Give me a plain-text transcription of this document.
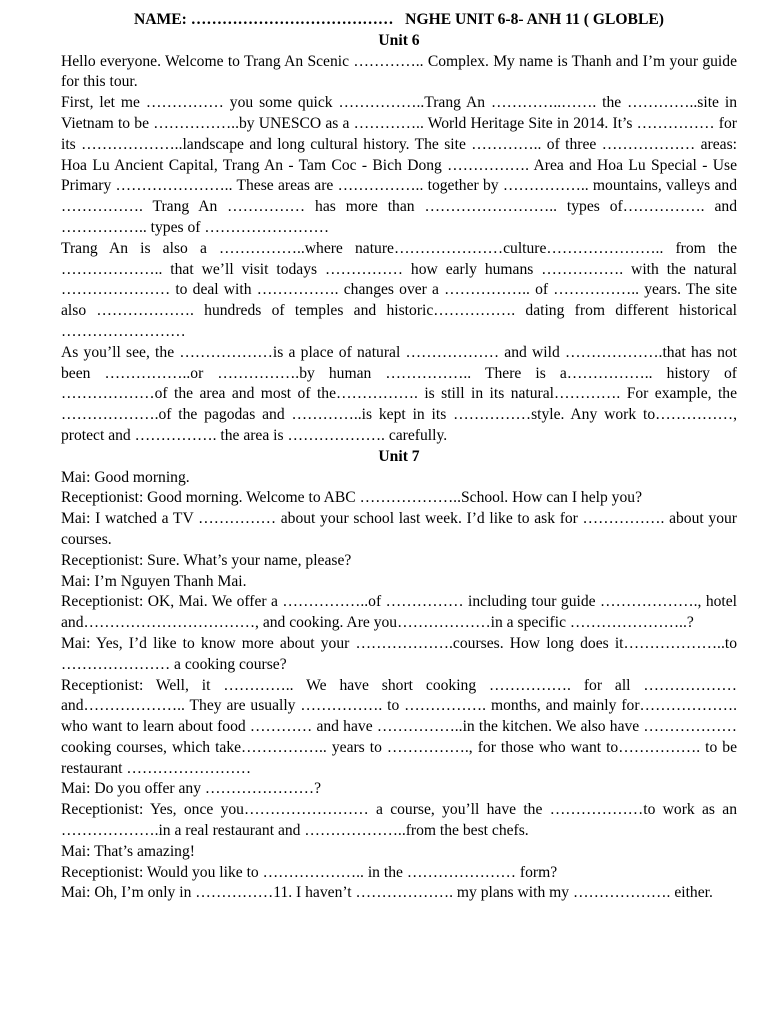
NAME: …………………………………   NGHE UNIT 6-8- ANH 11 ( GLOBLE)
Unit 6

Hello everyone. Welcome to Trang An Scenic ………….. Complex. My name is Thanh and I’m your guide for this tour.

First, let me …………… you some quick ……………..Trang An …………..……. the …………..site in Vietnam to be ……………..by UNESCO as a ………….. World Heritage Site in 2014. It’s …………… for its ………………..landscape and long cultural history. The site ………….. of three ……………… areas: Hoa Lu Ancient Capital, Trang An - Tam Coc - Bich Dong ……………. Area and Hoa Lu Special - Use Primary ………………….. These areas are …………….. together by …………….. mountains, valleys and ……………. Trang An …………… has more than …………………….. types of……………. and …………….. types of ……………………

Trang An is also a ……………..where nature…………………culture………………….. from the ……………….. that we’ll visit todays …………… how early humans ……………. with the natural ………………… to deal with ……………. changes over a …………….. of …………….. years. The site also ………………. hundreds of temples and historic……………. dating from different historical ……………………

As you’ll see, the ………………is a place of natural ……………… and wild ……………….that has not been ……………..or …………….by human …………….. There is a…………….. history of ………………of the area and most of the……………. is still in its natural…………. For example, the ……………….of the pagodas and …………..is kept in its ……………style. Any work to……………, protect and ……………. the area is ………………. carefully.

Unit 7

Mai: Good morning.

Receptionist: Good morning. Welcome to ABC ………………..School. How can I help you?

Mai: I watched a TV …………… about your school last week. I’d like to ask for ……………. about your courses.

Receptionist: Sure. What’s your name, please?

Mai: I’m Nguyen Thanh Mai.

Receptionist: OK, Mai. We offer a ……………..of …………… including tour guide ………………., hotel and……………………………, and cooking. Are you………………in a specific …………………..?

Mai: Yes, I’d like to know more about your ……………….courses. How long does it………………..to ………………… a cooking course?

Receptionist: Well, it ………….. We have short cooking ……………. for all ……………… and……………….. They are usually ……………. to ……………. months, and mainly for………………. who want to learn about food ………… and have ……………..in the kitchen. We also have ……………… cooking courses, which take…………….. years to ……………., for those who want to……………. to be restaurant ……………………

Mai: Do you offer any …………………?

Receptionist: Yes, once you…………………… a course, you’ll have the ………………to work as an ……………….in a real restaurant and ………………..from the best chefs.

Mai: That’s amazing!

Receptionist: Would you like to ……………….. in the ………………… form?

Mai: Oh, I’m only in ……………11. I haven’t ………………. my plans with my ………………. either.
